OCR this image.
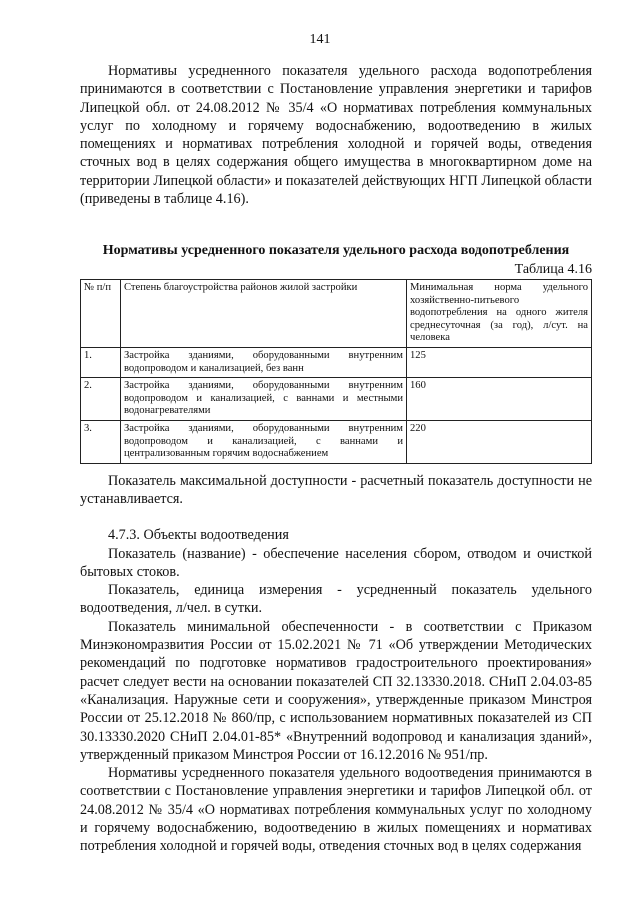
141

Нормативы усредненного показателя удельного расхода водопотребления принимаются в соответствии с Постановление управления энергетики и тарифов Липецкой обл. от 24.08.2012 № 35/4 «О нормативах потребления коммунальных услуг по холодному и горячему водоснабжению, водоотведению в жилых помещениях и нормативах потребления холодной и горячей воды, отведения сточных вод в целях содержания общего имущества в многоквартирном доме на территории Липецкой области» и показателей действующих НГП Липецкой области (приведены в таблице 4.16).

Нормативы усредненного показателя удельного расхода водопотребления

Таблица 4.16

№ п/п	Степень благоустройства районов жилой застройки	Минимальная норма удельного хозяйственно-питьевого водопотребления на одного жителя среднесуточная (за год), л/сут. на человека
1.	Застройка зданиями, оборудованными внутренним водопроводом и канализацией, без ванн	125
2.	Застройка зданиями, оборудованными внутренним водопроводом и канализацией, с ваннами и местными водонагревателями	160
3.	Застройка зданиями, оборудованными внутренним водопроводом и канализацией, с ваннами и централизованным горячим водоснабжением	220

Показатель максимальной доступности - расчетный показатель доступности не устанавливается.

4.7.3. Объекты водоотведения

Показатель (название) - обеспечение населения сбором, отводом и очисткой бытовых стоков.

Показатель, единица измерения - усредненный показатель удельного водоотведения, л/чел. в сутки.

Показатель минимальной обеспеченности - в соответствии с Приказом Минэкономразвития России от 15.02.2021 № 71 «Об утверждении Методических рекомендаций по подготовке нормативов градостроительного проектирования» расчет следует вести на основании показателей СП 32.13330.2018. СНиП 2.04.03-85 «Канализация. Наружные сети и сооружения», утвержденные приказом Минстроя России от 25.12.2018 № 860/пр, с использованием нормативных показателей из СП 30.13330.2020 СНиП 2.04.01-85* «Внутренний водопровод и канализация зданий», утвержденный приказом Минстроя России от 16.12.2016 № 951/пр.

Нормативы усредненного показателя удельного водоотведения принимаются в соответствии с Постановление управления энергетики и тарифов Липецкой обл. от 24.08.2012 № 35/4 «О нормативах потребления коммунальных услуг по холодному и горячему водоснабжению, водоотведению в жилых помещениях и нормативах потребления холодной и горячей воды, отведения сточных вод в целях содержания
